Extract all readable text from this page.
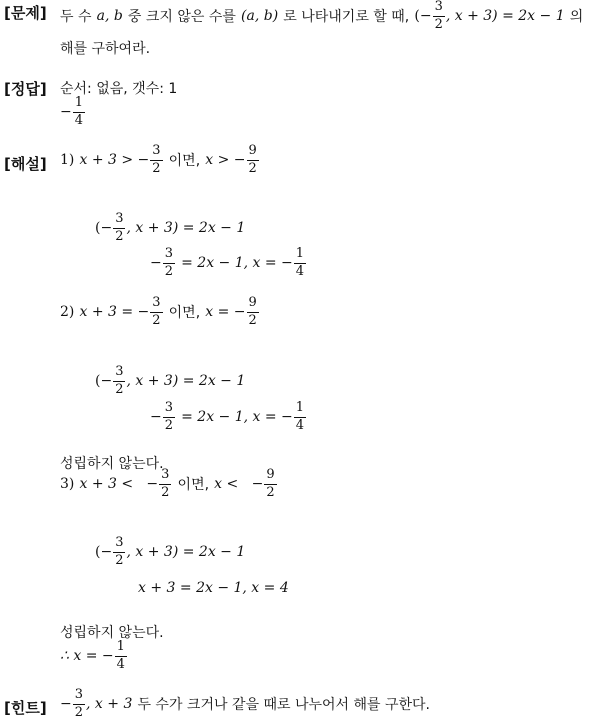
[문제] 두 수
a, b
중 크지 않은 수를
(a, b)
로 나타내기로 할 때,
(− $\frac{3}{2}$ , x + 3) = 2x − 1
의
해를 구하여라.
[정답] 순서: 없음, 갯수: 1
− $\frac{1}{4}$
[해설] 1)
x + 3 > − $\frac{3}{2}$
이면,
x > − $\frac{9}{2}$
(− $\frac{3}{2}$ , x + 3) = 2x − 1
− $\frac{3}{2}$
= 2x − 1, x = − $\frac{1}{4}$
2)
x + 3 = − $\frac{3}{2}$
이면,
x = − $\frac{9}{2}$
(− $\frac{3}{2}$ , x + 3) = 2x − 1
− $\frac{3}{2}$
= 2x − 1, x = − $\frac{1}{4}$
성립하지 않는다.
3)
x + 3 <   − $\frac{3}{2}$
이면,
x <   − $\frac{9}{2}$
(− $\frac{3}{2}$ , x + 3) = 2x − 1
x + 3 = 2x − 1, x = 4
성립하지 않는다.
∴ x = − $\frac{1}{4}$
[힌트] − $\frac{3}{2}$ , x + 3
두 수가 크거나 같을 때로 나누어서 해를 구한다.
